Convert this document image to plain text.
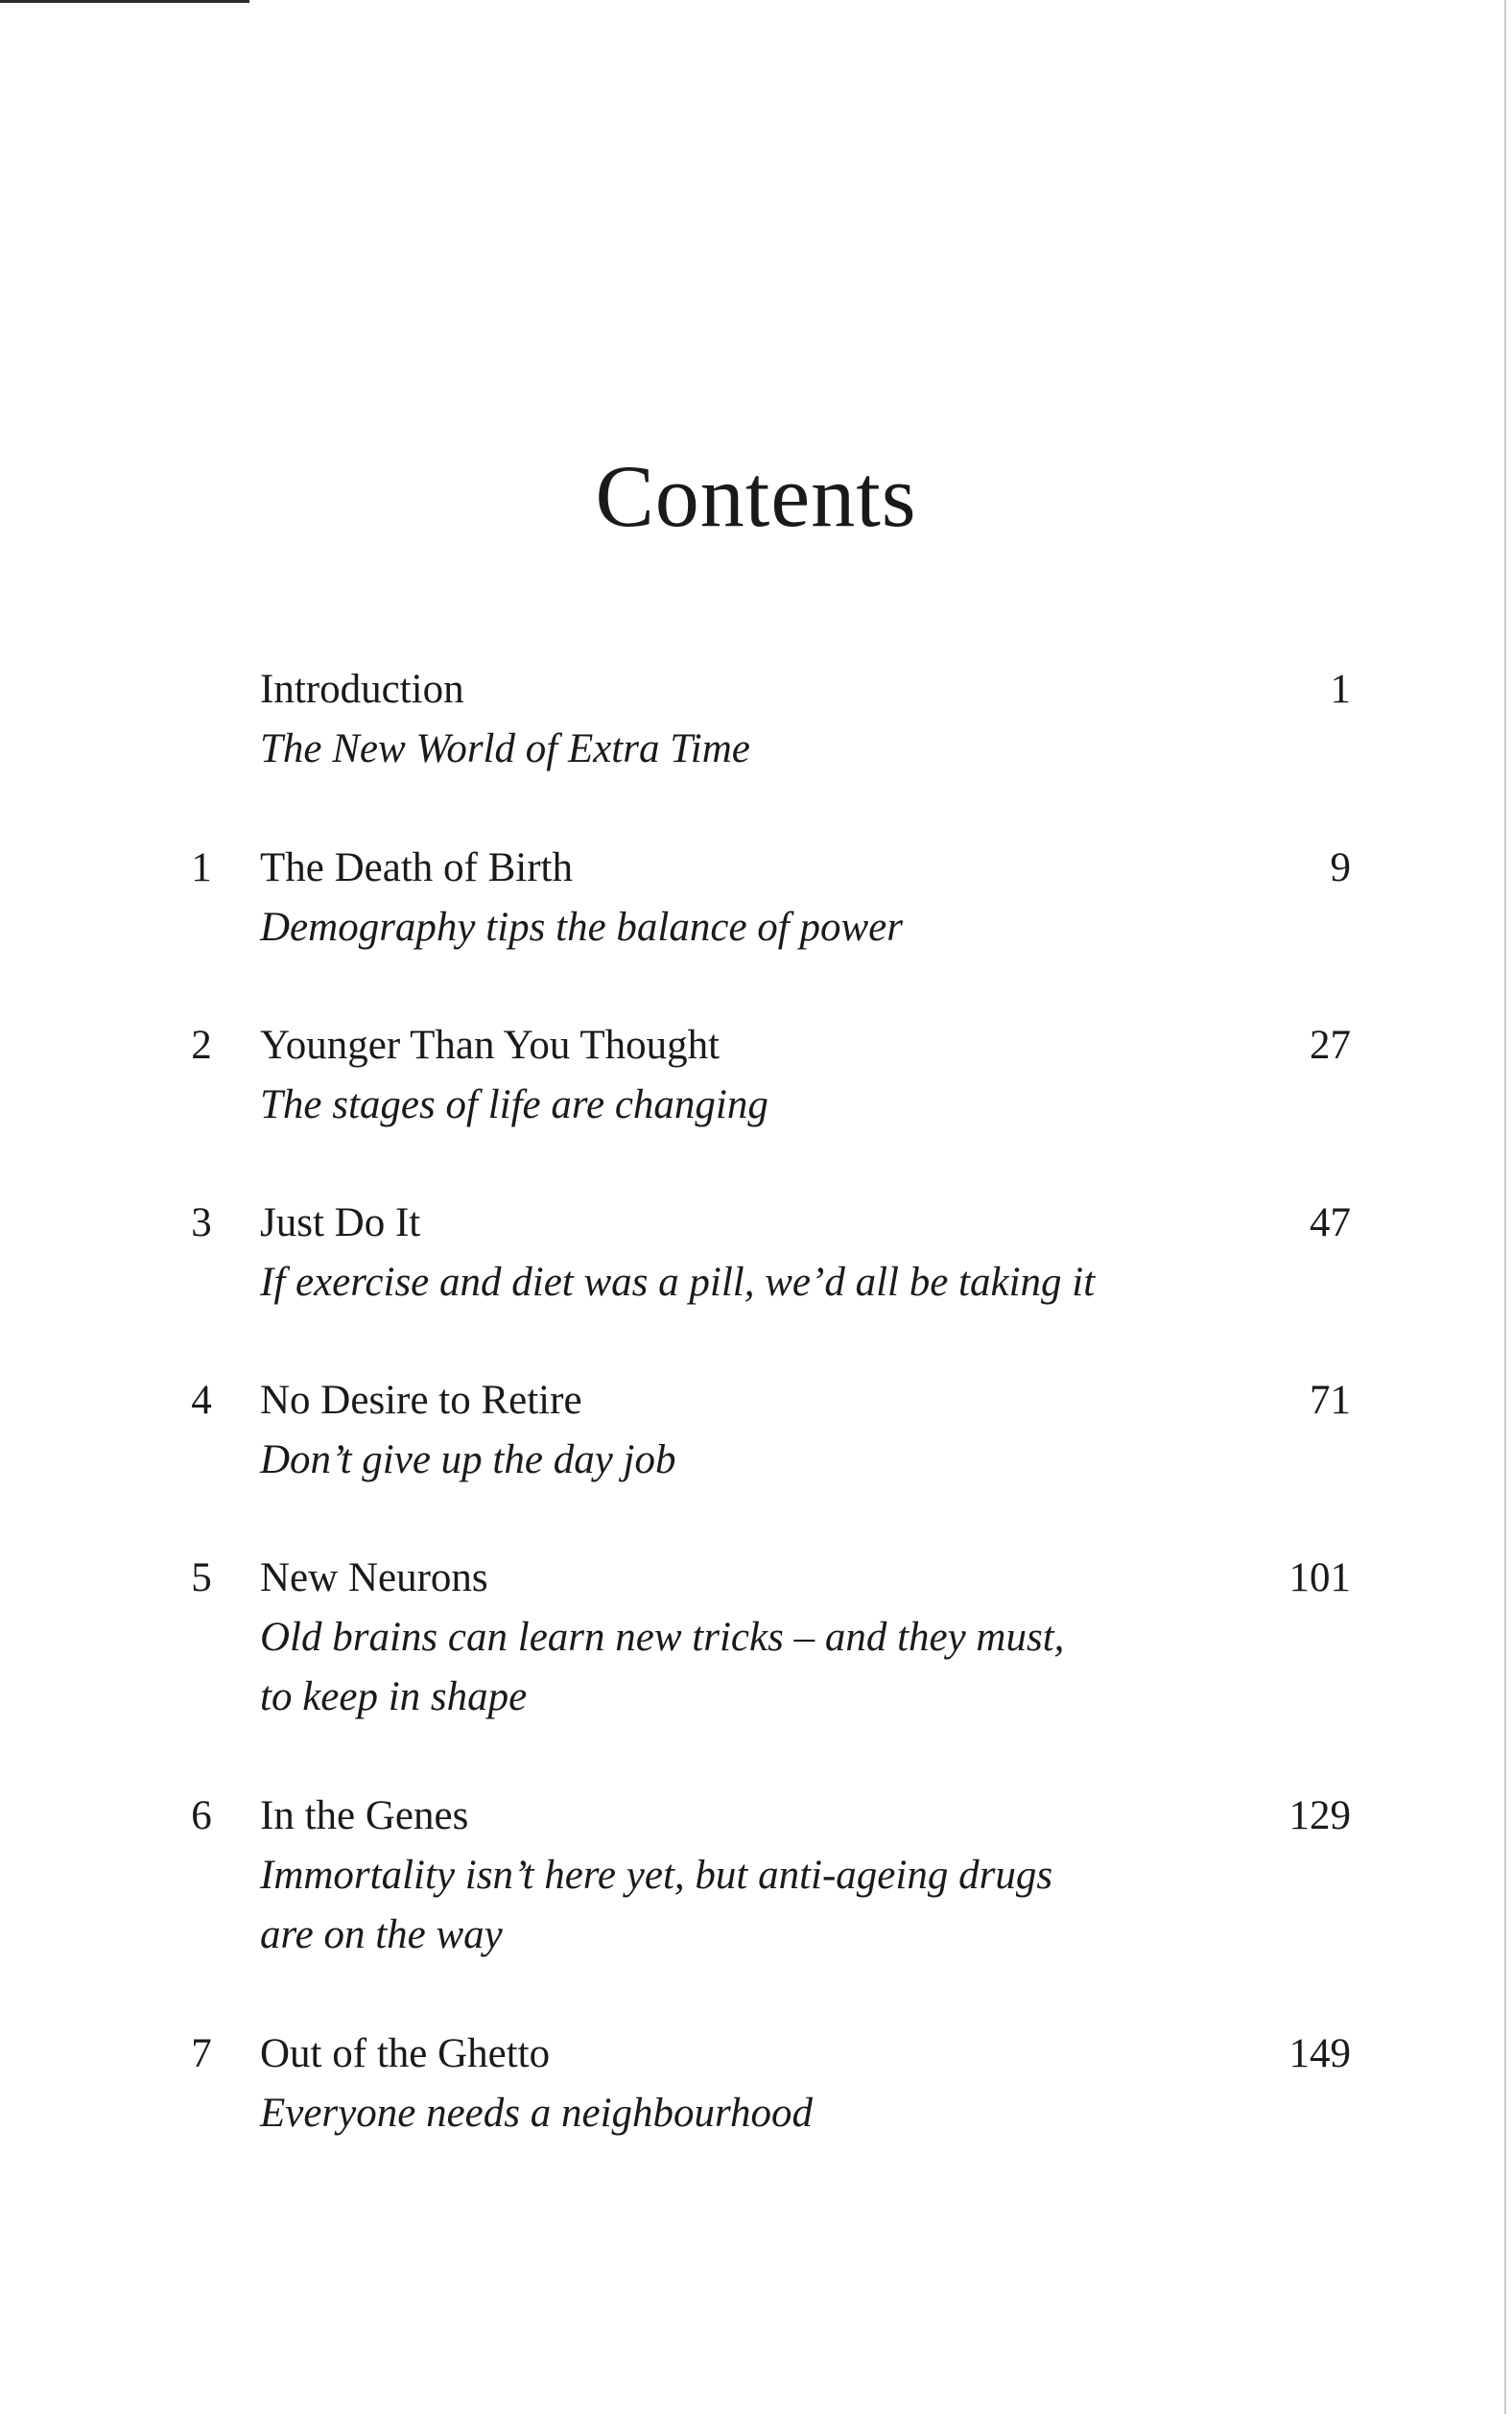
Contents
Introduction	1
The New World of Extra Time
1	The Death of Birth	9
Demography tips the balance of power
2	Younger Than You Thought	27
The stages of life are changing
3	Just Do It	47
If exercise and diet was a pill, we’d all be taking it
4	No Desire to Retire	71
Don’t give up the day job
5	New Neurons	101
Old brains can learn new tricks – and they must,
to keep in shape
6	In the Genes	129
Immortality isn’t here yet, but anti-ageing drugs
are on the way
7	Out of the Ghetto	149
Everyone needs a neighbourhood
